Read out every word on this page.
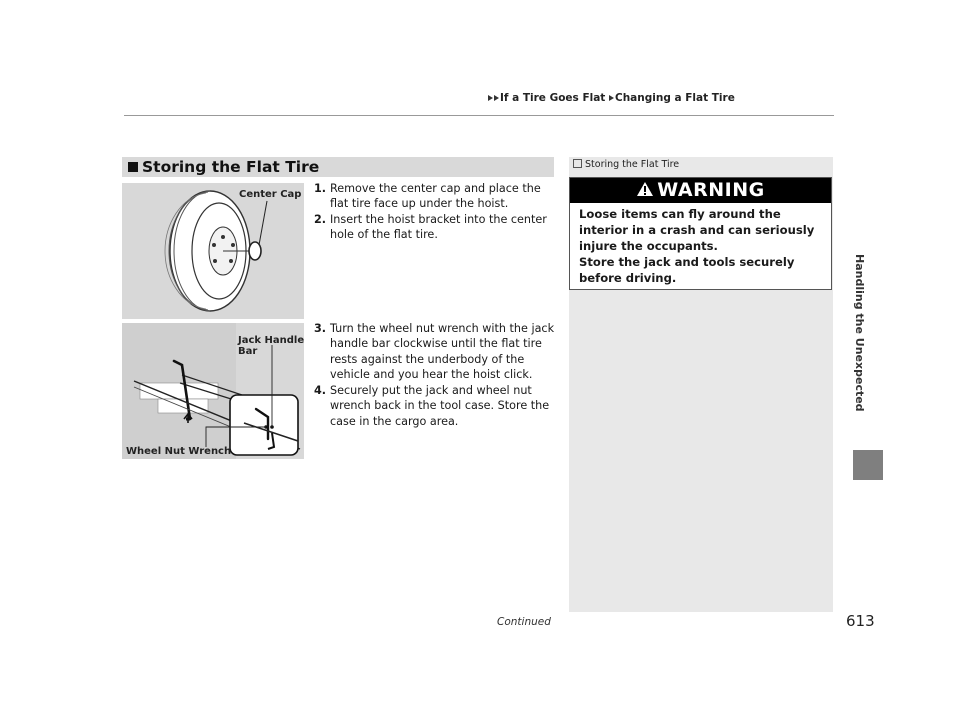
If a Tire Goes Flat Changing a Flat Tire
Handling the Unexpected
Storing the Flat Tire
Center Cap
Jack Handle
Bar
Wheel Nut Wrench
1. Remove the center cap and place the flat tire face up under the hoist.
2. Insert the hoist bracket into the center hole of the flat tire.
3. Turn the wheel nut wrench with the jack handle bar clockwise until the flat tire rests against the underbody of the vehicle and you hear the hoist click.
4. Securely put the jack and wheel nut wrench back in the tool case. Store the case in the cargo area.
Storing the Flat Tire
WARNING
Loose items can fly around the interior in a crash and can seriously injure the occupants.
Store the jack and tools securely before driving.
Continued	613
